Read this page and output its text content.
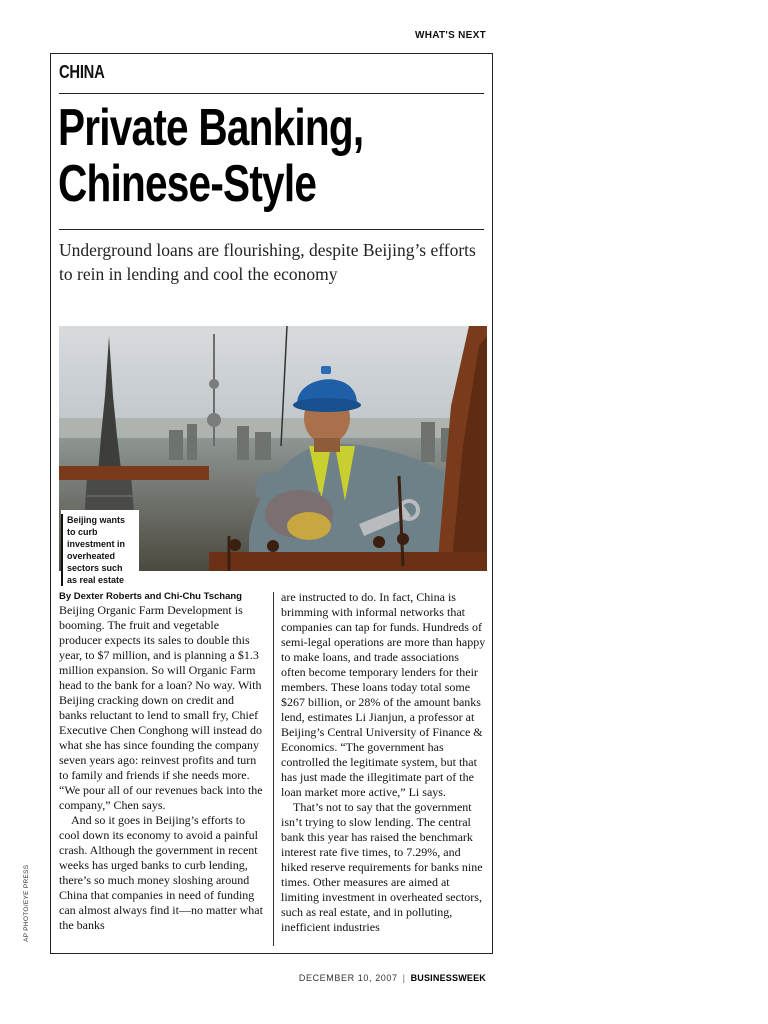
WHAT'S NEXT
CHINA
Private Banking, Chinese-Style
Underground loans are flourishing, despite Beijing’s efforts to rein in lending and cool the economy
Beijing wants to curb investment in overheated sectors such as real estate
By Dexter Roberts and Chi-Chu Tschang

Beijing Organic Farm Development is booming. The fruit and vegetable producer expects its sales to double this year, to $7 million, and is planning a $1.3 million expansion. So will Organic Farm head to the bank for a loan? No way. With Beijing cracking down on credit and banks reluctant to lend to small fry, Chief Executive Chen Conghong will instead do what she has since founding the company seven years ago: reinvest profits and turn to family and friends if she needs more. “We pour all of our revenues back into the company,” Chen says.

And so it goes in Beijing’s efforts to cool down its economy to avoid a painful crash. Although the government in recent weeks has urged banks to curb lending, there’s so much money sloshing around China that companies in need of funding can almost always find it—no matter what the banks

are instructed to do. In fact, China is brimming with informal networks that companies can tap for funds. Hundreds of semi-legal operations are more than happy to make loans, and trade associations often become temporary lenders for their members. These loans today total some $267 billion, or 28% of the amount banks lend, estimates Li Jianjun, a professor at Beijing’s Central University of Finance & Economics. “The government has controlled the legitimate system, but that has just made the illegitimate part of the loan market more active,” Li says.

That’s not to say that the government isn’t trying to slow lending. The central bank this year has raised the benchmark interest rate five times, to 7.29%, and hiked reserve requirements for banks nine times. Other measures are aimed at limiting investment in overheated sectors, such as real estate, and in polluting, inefficient industries

AP PHOTO/EYE PRESS
DECEMBER 10, 2007 | BUSINESSWEEK
